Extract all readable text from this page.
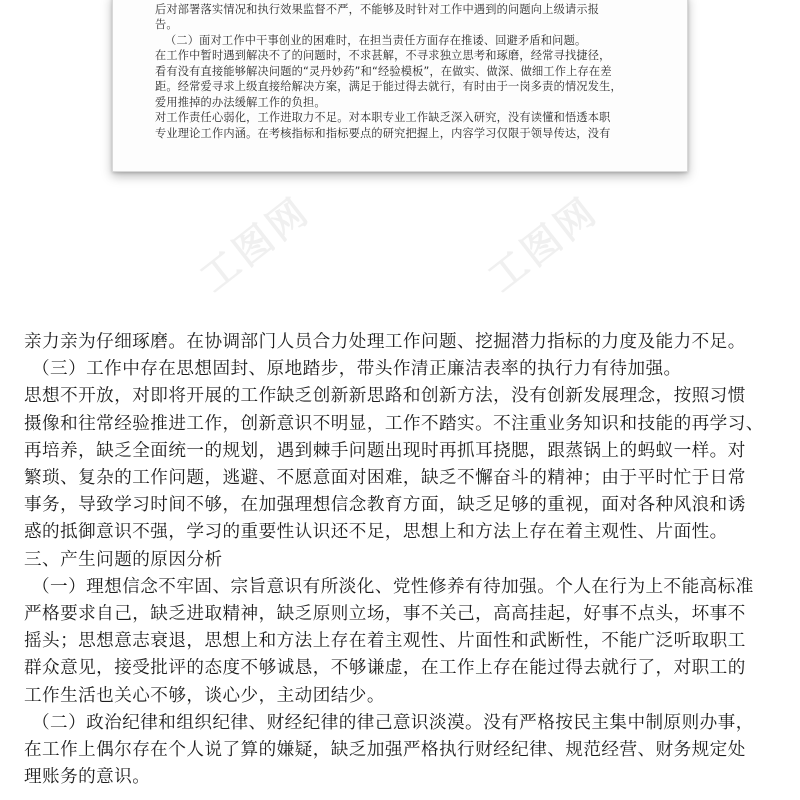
后对部署落实情况和执行效果监督不严，不能够及时针对工作中遇到的问题向上级请示报
告。
（二）面对工作中干事创业的困难时，在担当责任方面存在推诿、回避矛盾和问题。
在工作中暂时遇到解决不了的问题时，不求甚解，不寻求独立思考和琢磨，经常寻找捷径，
看有没有直接能够解决问题的“灵丹妙药”和“经验模板”，在做实、做深、做细工作上存在差
距。经常爱寻求上级直接给解决方案，满足于能过得去就行，有时由于一岗多责的情况发生，
爱用推掉的办法缓解工作的负担。
对工作责任心弱化，工作进取力不足。对本职专业工作缺乏深入研究，没有读懂和悟透本职
专业理论工作内涵。在考核指标和指标要点的研究把握上，内容学习仅限于领导传达，没有
工图网	工图网
亲力亲为仔细琢磨。在协调部门人员合力处理工作问题、挖掘潜力指标的力度及能力不足。
（三）工作中存在思想固封、原地踏步，带头作清正廉洁表率的执行力有待加强。
思想不开放，对即将开展的工作缺乏创新新思路和创新方法，没有创新发展理念，按照习惯
摄像和往常经验推进工作，创新意识不明显，工作不踏实。不注重业务知识和技能的再学习、
再培养，缺乏全面统一的规划，遇到棘手问题出现时再抓耳挠腮，跟蒸锅上的蚂蚁一样。对
繁琐、复杂的工作问题，逃避、不愿意面对困难，缺乏不懈奋斗的精神；由于平时忙于日常
事务，导致学习时间不够，在加强理想信念教育方面，缺乏足够的重视，面对各种风浪和诱
惑的抵御意识不强，学习的重要性认识还不足，思想上和方法上存在着主观性、片面性。
三、产生问题的原因分析
（一）理想信念不牢固、宗旨意识有所淡化、党性修养有待加强。个人在行为上不能高标准
严格要求自己，缺乏进取精神，缺乏原则立场，事不关己，高高挂起，好事不点头，坏事不
摇头；思想意志衰退，思想上和方法上存在着主观性、片面性和武断性，不能广泛听取职工
群众意见，接受批评的态度不够诚恳，不够谦虚，在工作上存在能过得去就行了，对职工的
工作生活也关心不够，谈心少，主动团结少。
（二）政治纪律和组织纪律、财经纪律的律己意识淡漠。没有严格按民主集中制原则办事，
在工作上偶尔存在个人说了算的嫌疑，缺乏加强严格执行财经纪律、规范经营、财务规定处
理账务的意识。
